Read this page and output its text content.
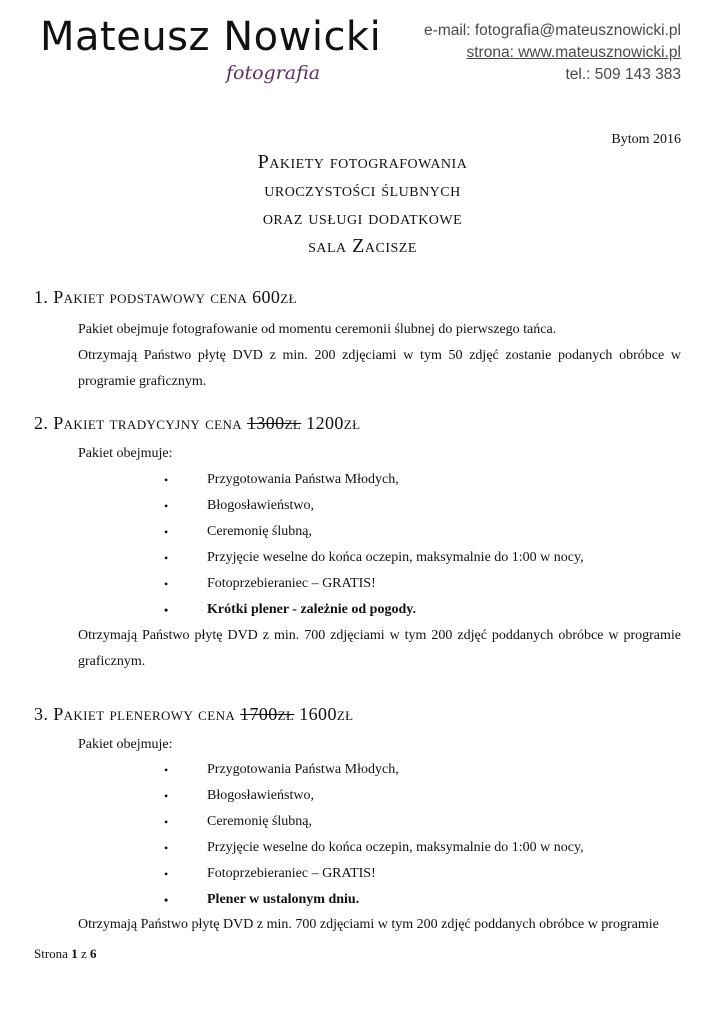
Mateusz Nowicki
fotografia
e-mail: fotografia@mateusznowicki.pl
strona: www.mateusznowicki.pl
tel.: 509 143 383
Bytom 2016
Pakiety fotografowania
uroczystości ślubnych
oraz usługi dodatkowe
sala Zacisze
1. Pakiet podstawowy cena 600zł

Pakiet obejmuje fotografowanie od momentu ceremonii ślubnej do pierwszego tańca.

Otrzymają Państwo płytę DVD z min. 200 zdjęciami w tym 50 zdjęć zostanie podanych obróbce w programie graficznym.

2. Pakiet tradycyjny cena 1300zł 1200zł

Pakiet obejmuje:

•	Przygotowania Państwa Młodych,
•	Błogosławieństwo,
•	Ceremonię ślubną,
•	Przyjęcie weselne do końca oczepin, maksymalnie do 1:00 w nocy,
•	Fotoprzebieraniec – GRATIS!
•	Krótki plener - zależnie od pogody.

Otrzymają Państwo płytę DVD z min. 700 zdjęciami w tym 200 zdjęć poddanych obróbce w programie graficznym.

3. Pakiet plenerowy cena 1700zł 1600zł

Pakiet obejmuje:

•	Przygotowania Państwa Młodych,
•	Błogosławieństwo,
•	Ceremonię ślubną,
•	Przyjęcie weselne do końca oczepin, maksymalnie do 1:00 w nocy,
•	Fotoprzebieraniec – GRATIS!
•	Plener w ustalonym dniu.

Otrzymają Państwo płytę DVD z min. 700 zdjęciami w tym 200 zdjęć poddanych obróbce w programie

Strona 1 z 6
